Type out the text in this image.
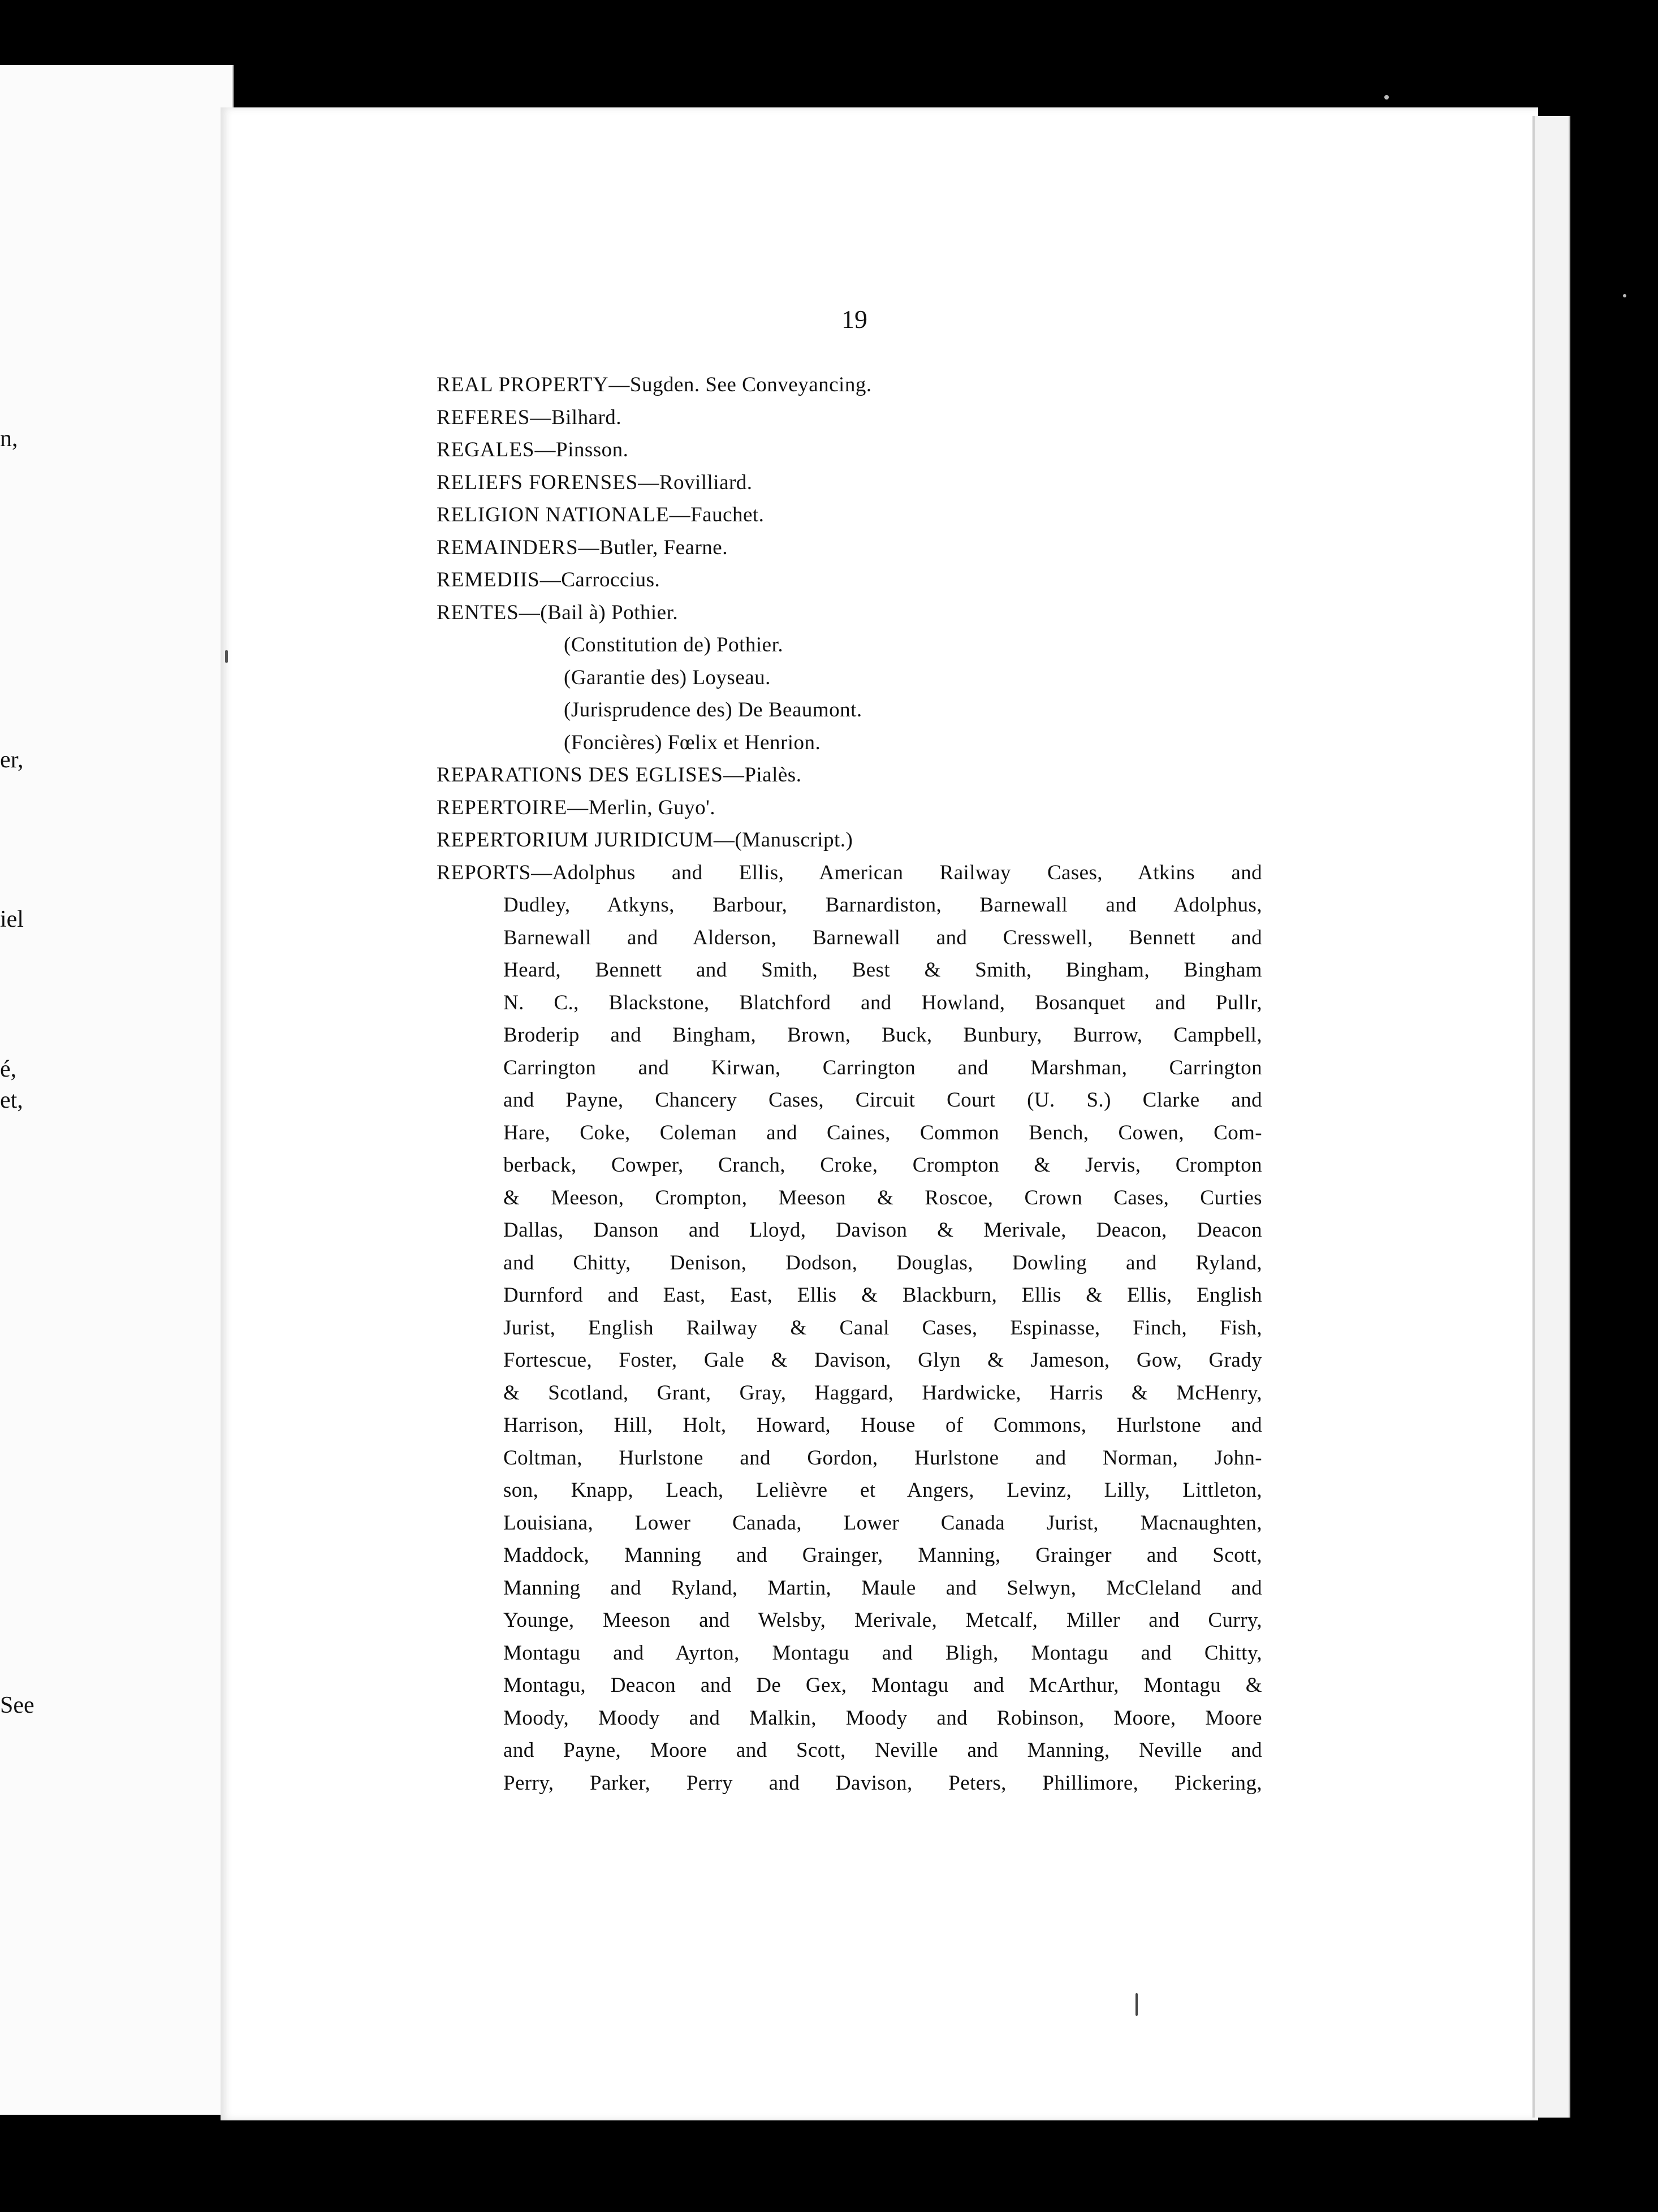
n,
er,
iel
é,
et,
See
19
REAL PROPERTY—Sugden. See Conveyancing.
REFERES—Bilhard.
REGALES—Pinsson.
RELIEFS FORENSES—Rovilliard.
RELIGION NATIONALE—Fauchet.
REMAINDERS—Butler, Fearne.
REMEDIIS—Carroccius.
RENTES—(Bail à) Pothier.
(Constitution de) Pothier.
(Garantie des) Loyseau.
(Jurisprudence des) De Beaumont.
(Foncières) Fœlix et Henrion.
REPARATIONS DES EGLISES—Pialès.
REPERTOIRE—Merlin, Guyo'.
REPERTORIUM JURIDICUM—(Manuscript.)
REPORTS—Adolphus and Ellis, American Railway Cases, Atkins and
Dudley, Atkyns, Barbour, Barnardiston, Barnewall and Adolphus,
Barnewall and Alderson, Barnewall and Cresswell, Bennett and
Heard, Bennett and Smith, Best & Smith, Bingham, Bingham
N. C., Blackstone, Blatchford and Howland, Bosanquet and Pullr,
Broderip and Bingham, Brown, Buck, Bunbury, Burrow, Campbell,
Carrington and Kirwan, Carrington and Marshman, Carrington
and Payne, Chancery Cases, Circuit Court (U. S.) Clarke and
Hare, Coke, Coleman and Caines, Common Bench, Cowen, Com-
berback, Cowper, Cranch, Croke, Crompton & Jervis, Crompton
& Meeson, Crompton, Meeson & Roscoe, Crown Cases, Curties
Dallas, Danson and Lloyd, Davison & Merivale, Deacon, Deacon
and Chitty, Denison, Dodson, Douglas, Dowling and Ryland,
Durnford and East, East, Ellis & Blackburn, Ellis & Ellis, English
Jurist, English Railway & Canal Cases, Espinasse, Finch, Fish,
Fortescue, Foster, Gale & Davison, Glyn & Jameson, Gow, Grady
& Scotland, Grant, Gray, Haggard, Hardwicke, Harris & McHenry,
Harrison, Hill, Holt, Howard, House of Commons, Hurlstone and
Coltman, Hurlstone and Gordon, Hurlstone and Norman, John-
son, Knapp, Leach, Lelièvre et Angers, Levinz, Lilly, Littleton,
Louisiana, Lower Canada, Lower Canada Jurist, Macnaughten,
Maddock, Manning and Grainger, Manning, Grainger and Scott,
Manning and Ryland, Martin, Maule and Selwyn, McCleland and
Younge, Meeson and Welsby, Merivale, Metcalf, Miller and Curry,
Montagu and Ayrton, Montagu and Bligh, Montagu and Chitty,
Montagu, Deacon and De Gex, Montagu and McArthur, Montagu &
Moody, Moody and Malkin, Moody and Robinson, Moore, Moore
and Payne, Moore and Scott, Neville and Manning, Neville and
Perry, Parker, Perry and Davison, Peters, Phillimore, Pickering,
